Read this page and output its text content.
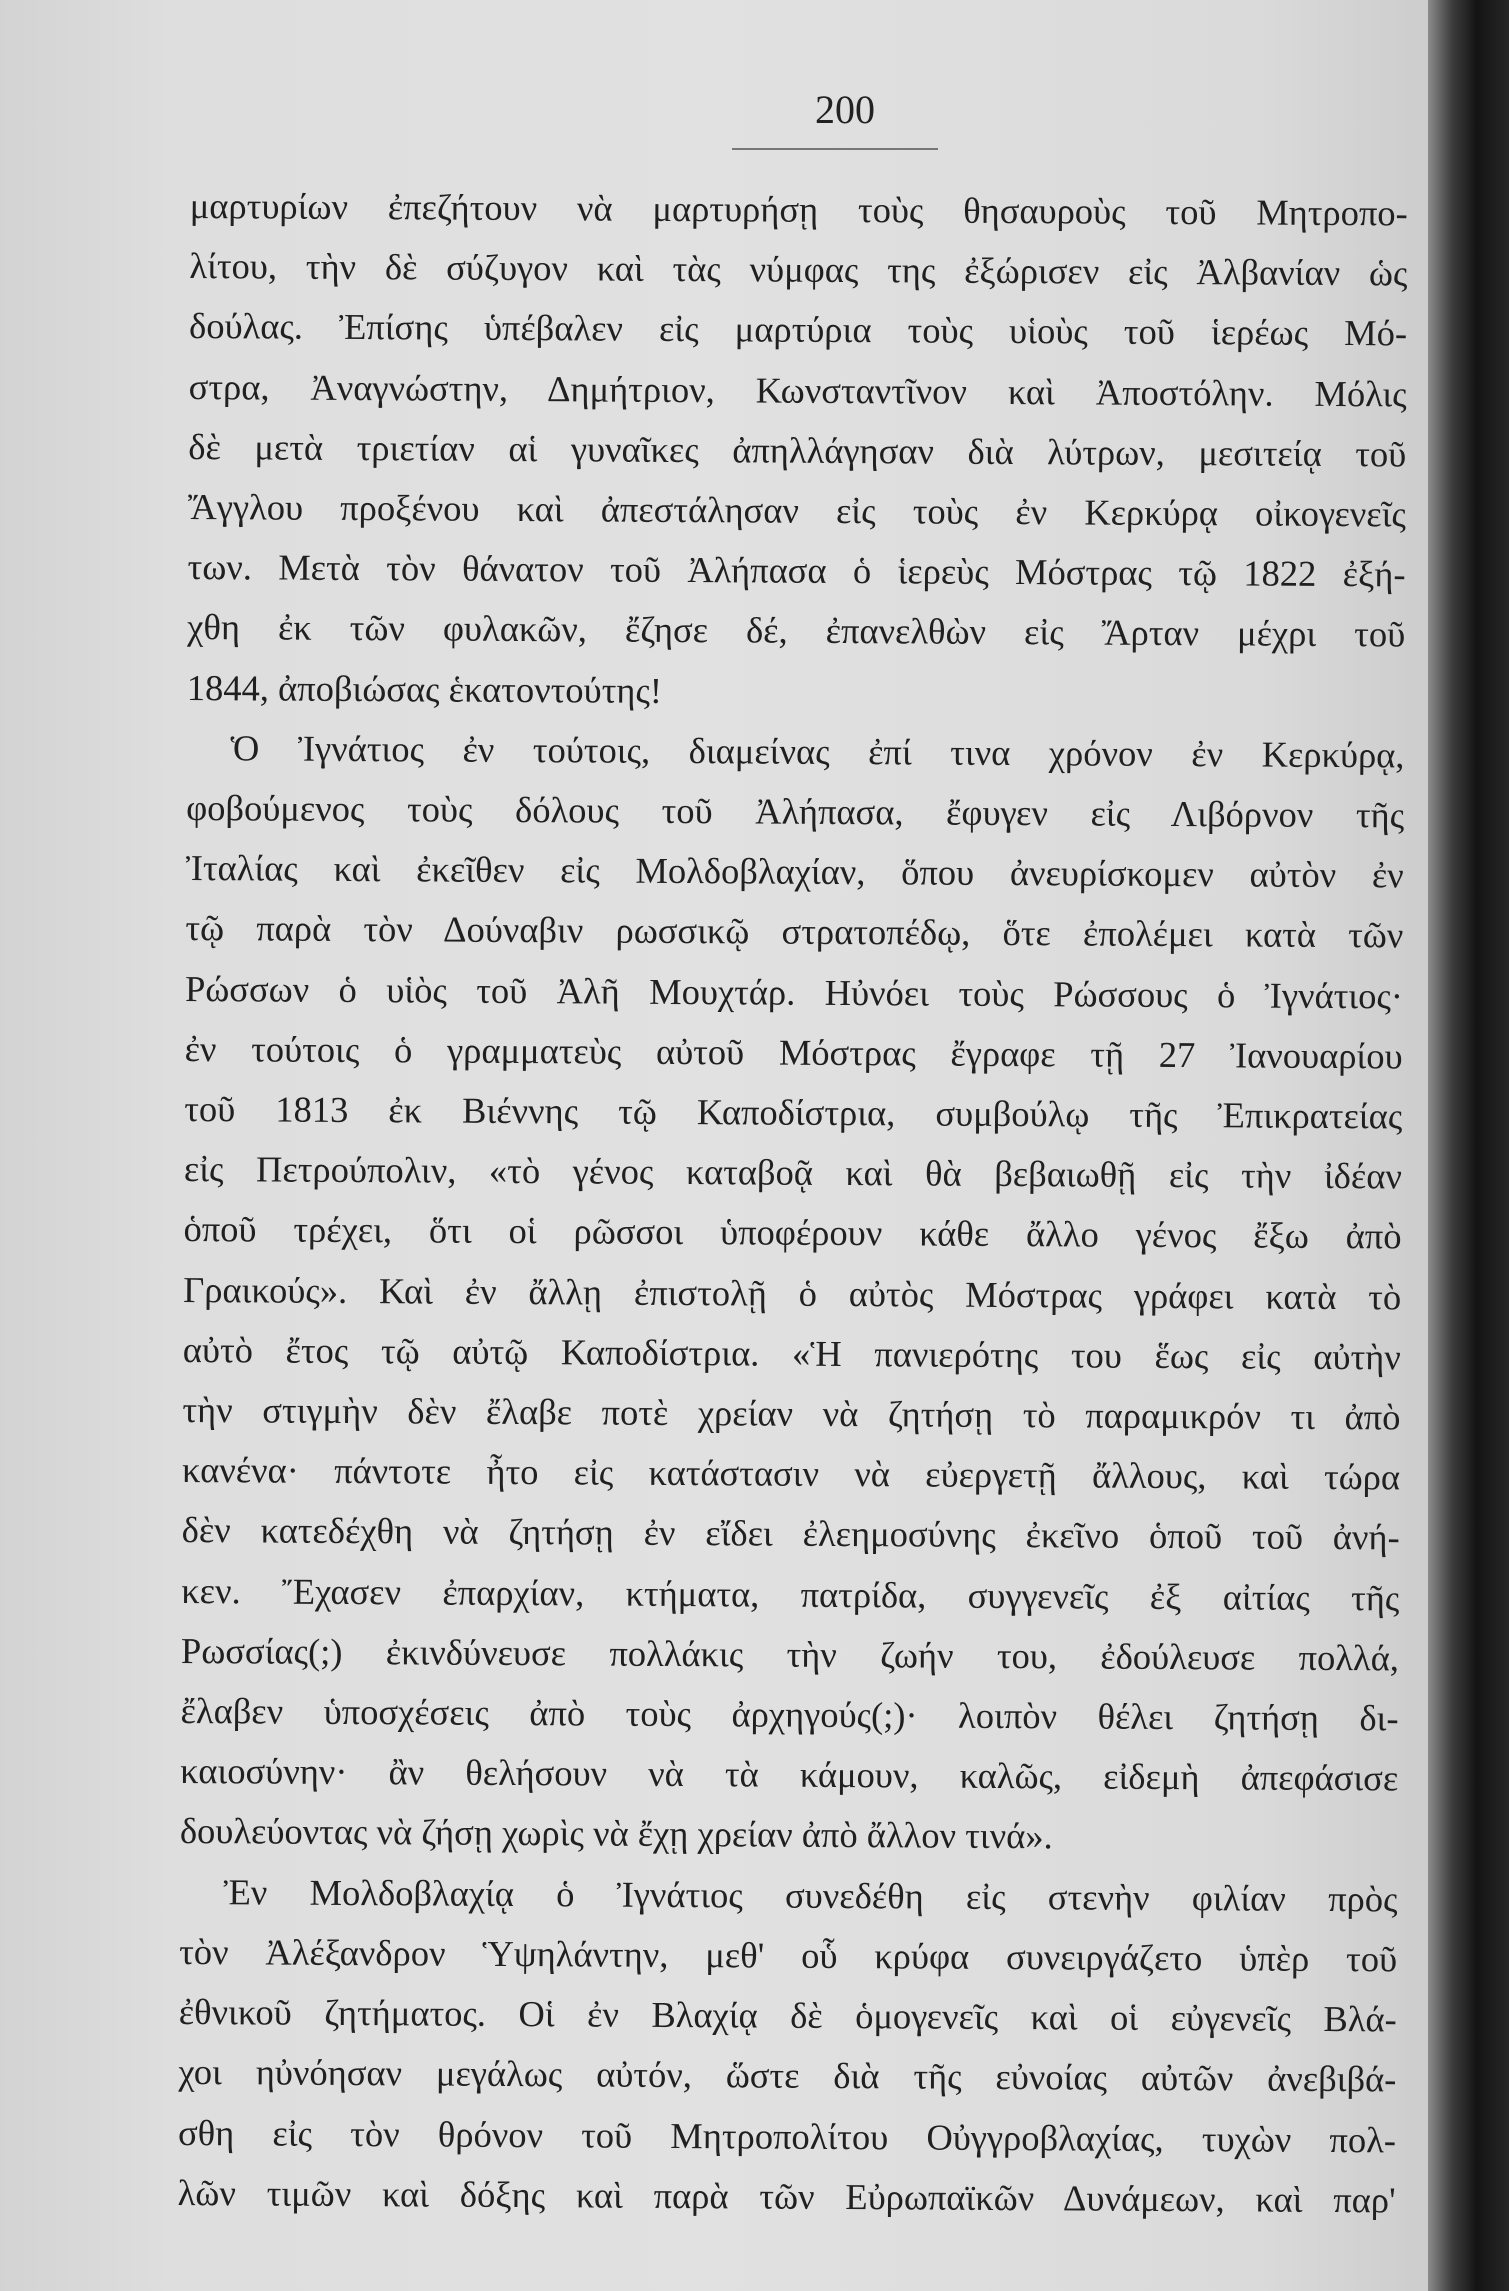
200
μαρτυρίων ἐπεζήτουν νὰ μαρτυρήσῃ τοὺς θησαυροὺς τοῦ Μητροπο-
λίτου, τὴν δὲ σύζυγον καὶ τὰς νύμφας της ἐξώρισεν εἰς Ἀλβανίαν ὡς
δούλας. Ἐπίσης ὑπέβαλεν εἰς μαρτύρια τοὺς υἱοὺς τοῦ ἱερέως Μό-
στρα, Ἀναγνώστην, Δημήτριον, Κωνσταντῖνον καὶ Ἀποστόλην. Μόλις
δὲ μετὰ τριετίαν αἱ γυναῖκες ἀπηλλάγησαν διὰ λύτρων, μεσιτείᾳ τοῦ
Ἄγγλου προξένου καὶ ἀπεστάλησαν εἰς τοὺς ἐν Κερκύρᾳ οἰκογενεῖς
των. Μετὰ τὸν θάνατον τοῦ Ἀλήπασα ὁ ἱερεὺς Μόστρας τῷ 1822 ἐξή-
χθη ἐκ τῶν φυλακῶν, ἔζησε δέ, ἐπανελθὼν εἰς Ἄρταν μέχρι τοῦ
1844, ἀποβιώσας ἑκατοντούτης!
Ὁ Ἰγνάτιος ἐν τούτοις, διαμείνας ἐπί τινα χρόνον ἐν Κερκύρᾳ,
φοβούμενος τοὺς δόλους τοῦ Ἀλήπασα, ἔφυγεν εἰς Λιβόρνον τῆς
Ἰταλίας καὶ ἐκεῖθεν εἰς Μολδοβλαχίαν, ὅπου ἀνευρίσκομεν αὐτὸν ἐν
τῷ παρὰ τὸν Δούναβιν ρωσσικῷ στρατοπέδῳ, ὅτε ἐπολέμει κατὰ τῶν
Ρώσσων ὁ υἱὸς τοῦ Ἀλῆ Μουχτάρ. Ηὐνόει τοὺς Ρώσσους ὁ Ἰγνάτιος·
ἐν τούτοις ὁ γραμματεὺς αὐτοῦ Μόστρας ἔγραφε τῇ 27 Ἰανουαρίου
τοῦ 1813 ἐκ Βιέννης τῷ Καποδίστρια, συμβούλῳ τῆς Ἐπικρατείας
εἰς Πετρούπολιν, «τὸ γένος καταβοᾷ καὶ θὰ βεβαιωθῇ εἰς τὴν ἰδέαν
ὁποῦ τρέχει, ὅτι οἱ ρῶσσοι ὑποφέρουν κάθε ἄλλο γένος ἔξω ἀπὸ
Γραικούς». Καὶ ἐν ἄλλῃ ἐπιστολῇ ὁ αὐτὸς Μόστρας γράφει κατὰ τὸ
αὐτὸ ἔτος τῷ αὐτῷ Καποδίστρια. «Ἡ πανιερότης του ἕως εἰς αὐτὴν
τὴν στιγμὴν δὲν ἔλαβε ποτὲ χρείαν νὰ ζητήσῃ τὸ παραμικρόν τι ἀπὸ
κανένα· πάντοτε ἦτο εἰς κατάστασιν νὰ εὐεργετῇ ἄλλους, καὶ τώρα
δὲν κατεδέχθη νὰ ζητήσῃ ἐν εἴδει ἐλεημοσύνης ἐκεῖνο ὁποῦ τοῦ ἀνή-
κεν. Ἔχασεν ἐπαρχίαν, κτήματα, πατρίδα, συγγενεῖς ἐξ αἰτίας τῆς
Ρωσσίας(;) ἐκινδύνευσε πολλάκις τὴν ζωήν του, ἐδούλευσε πολλά,
ἔλαβεν ὑποσχέσεις ἀπὸ τοὺς ἀρχηγούς(;)· λοιπὸν θέλει ζητήσῃ δι-
καιοσύνην· ἂν θελήσουν νὰ τὰ κάμουν, καλῶς, εἰδεμὴ ἀπεφάσισε
δουλεύοντας νὰ ζήσῃ χωρὶς νὰ ἔχῃ χρείαν ἀπὸ ἄλλον τινά».
Ἐν Μολδοβλαχίᾳ ὁ Ἰγνάτιος συνεδέθη εἰς στενὴν φιλίαν πρὸς
τὸν Ἀλέξανδρον Ὑψηλάντην, μεθ' οὗ κρύφα συνειργάζετο ὑπὲρ τοῦ
ἐθνικοῦ ζητήματος. Οἱ ἐν Βλαχίᾳ δὲ ὁμογενεῖς καὶ οἱ εὐγενεῖς Βλά-
χοι ηὐνόησαν μεγάλως αὐτόν, ὥστε διὰ τῆς εὐνοίας αὐτῶν ἀνεβιβά-
σθη εἰς τὸν θρόνον τοῦ Μητροπολίτου Οὐγγροβλαχίας, τυχὼν πολ-
λῶν τιμῶν καὶ δόξης καὶ παρὰ τῶν Εὐρωπαϊκῶν Δυνάμεων, καὶ παρ'
